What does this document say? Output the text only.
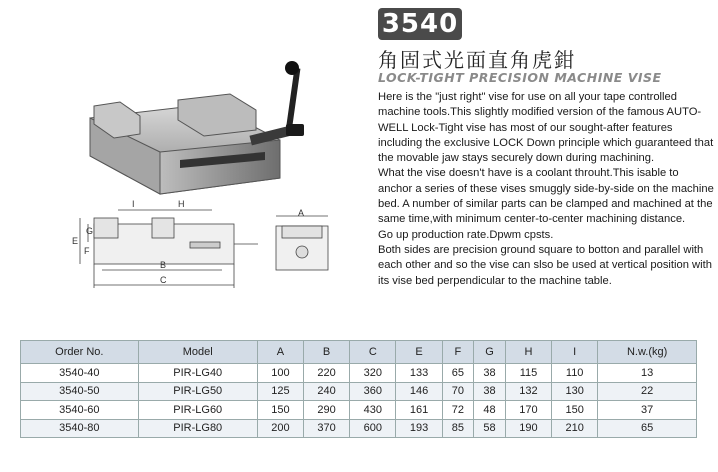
3540
角固式光面直角虎鉗
LOCK-TIGHT PRECISION MACHINE VISE

Here is the "just right" vise for use on all your tape controlled machine tools.This slightly modified version of the famous AUTO-WELL Lock-Tight vise has most of our sought-after features including the exclusive LOCK Down principle which guaranteed that the movable jaw stays securely down during machining.

What the vise doesn't have is a coolant throuht.This isable to anchor a series of these vises smuggly side-by-side on the machine bed. A number of similar parts can be clamped and machined at the same time,with minimum center-to-center machining distance.

Go up production rate.Dpwm cpsts.

Both sides are precision ground square to botton and parallel with each other and so the vise can slso be used at vertical position with its vise bed perpendicular to the machine table.

E
F
G
I	H
B
C
A
Order No.	Model	A	B	C	E	F	G	H	I	N.w.(kg)
3540-40	PIR-LG40	100	220	320	133	65	38	115	110	13
3540-50	PIR-LG50	125	240	360	146	70	38	132	130	22
3540-60	PIR-LG60	150	290	430	161	72	48	170	150	37
3540-80	PIR-LG80	200	370	600	193	85	58	190	210	65
